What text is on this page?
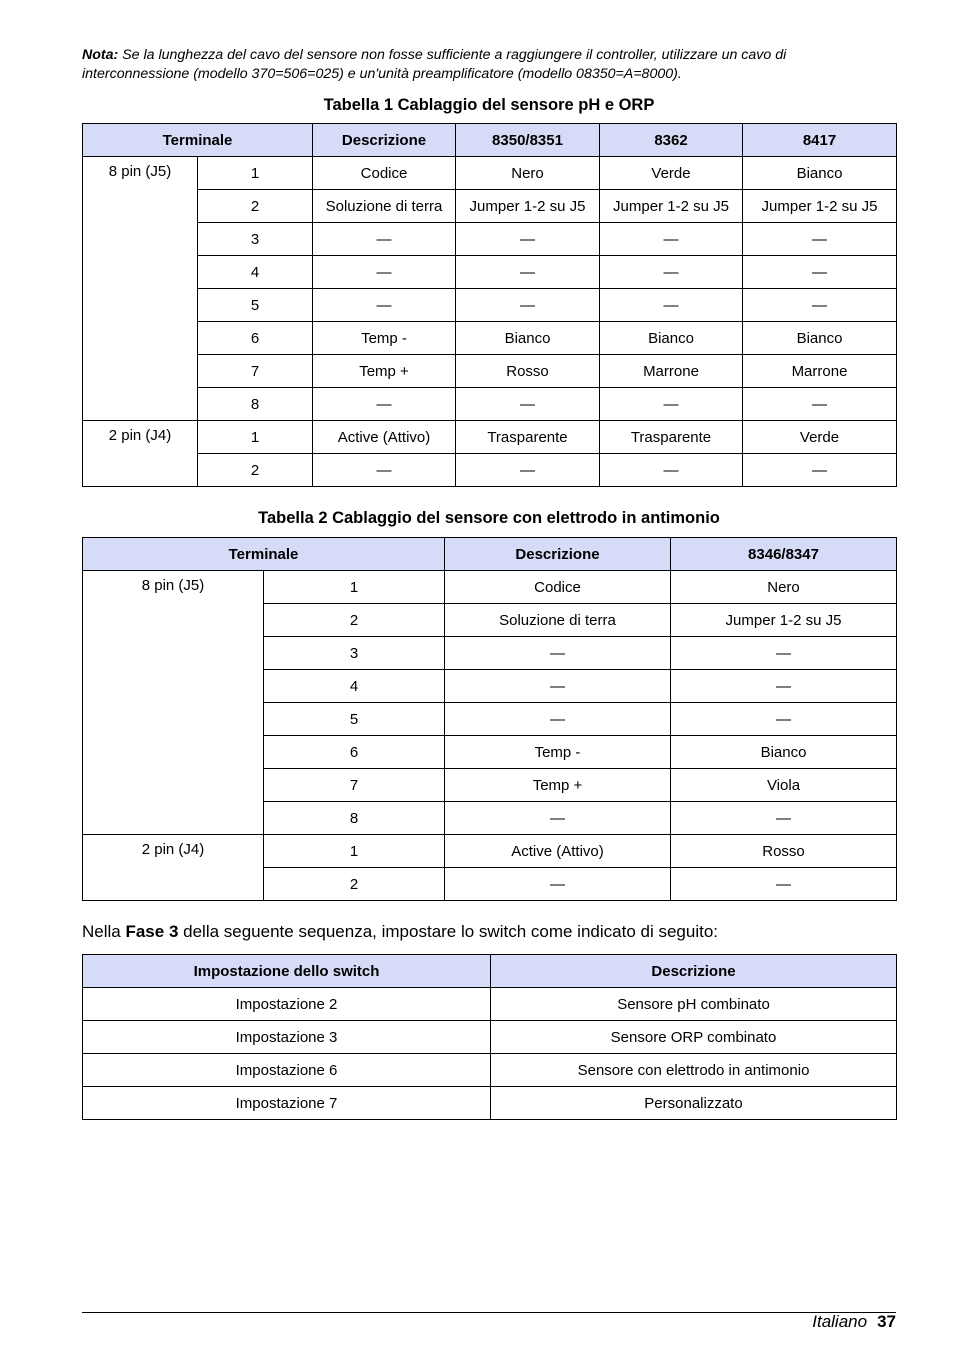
Nota: Se la lunghezza del cavo del sensore non fosse sufficiente a raggiungere il controller, utilizzare un cavo di interconnessione (modello 370=506=025) e un'unità preamplificatore (modello 08350=A=8000).
Tabella 1 Cablaggio del sensore pH e ORP
Terminale		Descrizione	8350/8351	8362	8417
8 pin (J5)	1	Codice	Nero	Verde	Bianco
	2	Soluzione di terra	Jumper 1-2 su J5	Jumper 1-2 su J5	Jumper 1-2 su J5
	3	—	—	—	—
	4	—	—	—	—
	5	—	—	—	—
	6	Temp -	Bianco	Bianco	Bianco
	7	Temp +	Rosso	Marrone	Marrone
	8	—	—	—	—
2 pin (J4)	1	Active (Attivo)	Trasparente	Trasparente	Verde
	2	—	—	—	—
Tabella 2 Cablaggio del sensore con elettrodo in antimonio
Terminale		Descrizione	8346/8347
8 pin (J5)	1	Codice	Nero
	2	Soluzione di terra	Jumper 1-2 su J5
	3	—	—
	4	—	—
	5	—	—
	6	Temp -	Bianco
	7	Temp +	Viola
	8	—	—
2 pin (J4)	1	Active (Attivo)	Rosso
	2	—	—
Nella Fase 3 della seguente sequenza, impostare lo switch come indicato di seguito:
Impostazione dello switch	Descrizione
Impostazione 2	Sensore pH combinato
Impostazione 3	Sensore ORP combinato
Impostazione 6	Sensore con elettrodo in antimonio
Impostazione 7	Personalizzato
Italiano 37
